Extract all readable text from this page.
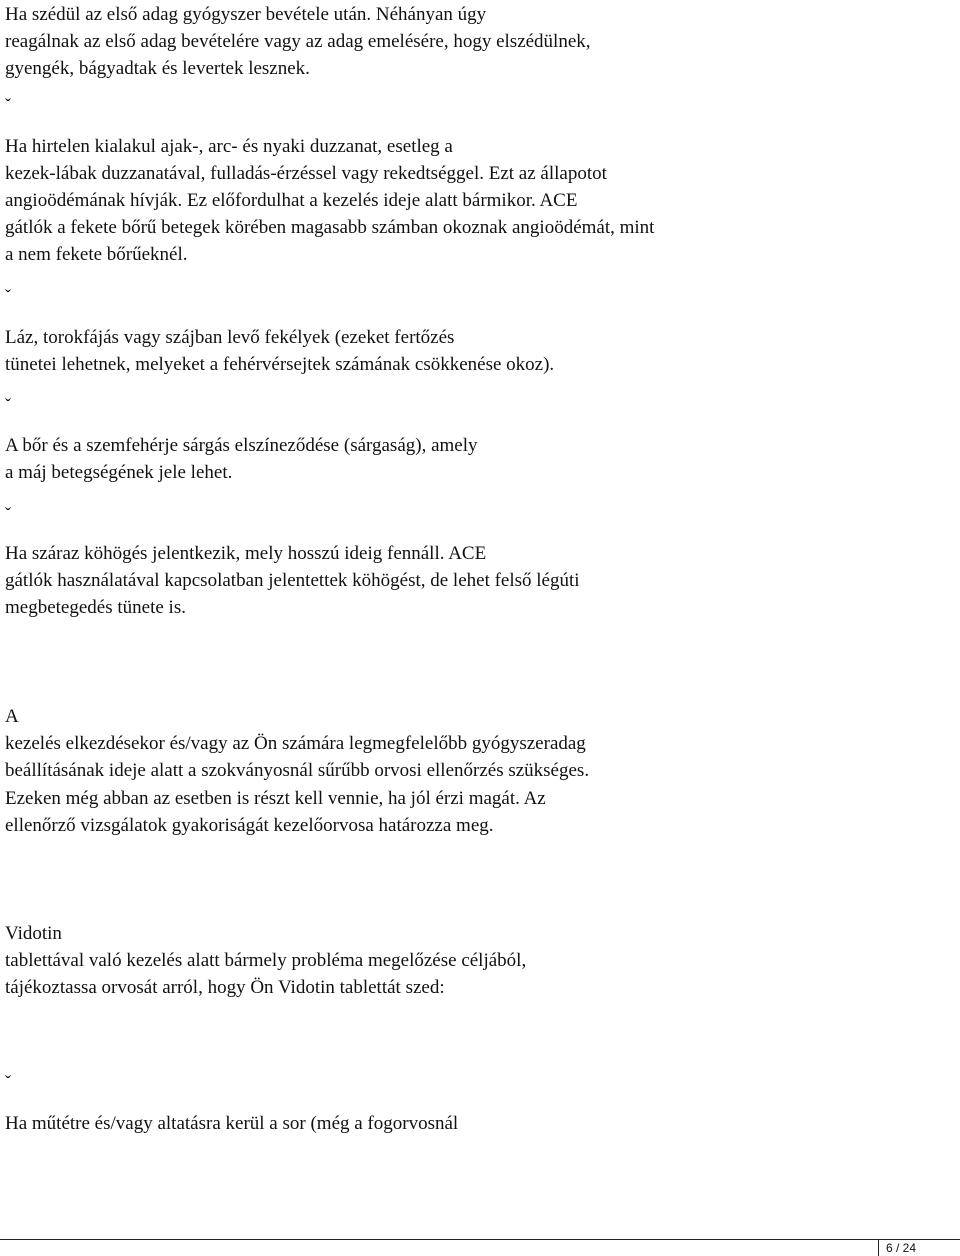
Ha szédül az első adag gyógyszer bevétele után. Néhányan úgy
reagálnak az első adag bevételére vagy az adag emelésére, hogy elszédülnek,
gyengék, bágyadtak és levertek lesznek.
ˇ
Ha hirtelen kialakul ajak-, arc- és nyaki duzzanat, esetleg a
kezek-lábak duzzanatával, fulladás-érzéssel vagy rekedtséggel. Ezt az állapotot
angioödémának hívják. Ez előfordulhat a kezelés ideje alatt bármikor. ACE
gátlók a fekete bőrű betegek körében magasabb számban okoznak angioödémát, mint
a nem fekete bőrűeknél.
ˇ
Láz, torokfájás vagy szájban levő fekélyek (ezeket fertőzés
tünetei lehetnek, melyeket a fehérvérsejtek számának csökkenése okoz).
ˇ
A bőr és a szemfehérje sárgás elszíneződése (sárgaság), amely
a máj betegségének jele lehet.
ˇ
Ha száraz köhögés jelentkezik, mely hosszú ideig fennáll. ACE
gátlók használatával kapcsolatban jelentettek köhögést, de lehet felső légúti
megbetegedés tünete is.
A
kezelés elkezdésekor és/vagy az Ön számára legmegfelelőbb gyógyszeradag
beállításának ideje alatt a szokványosnál sűrűbb orvosi ellenőrzés szükséges.
Ezeken még abban az esetben is részt kell vennie, ha jól érzi magát. Az
ellenőrző vizsgálatok gyakoriságát kezelőorvosa határozza meg.
Vidotin
tablettával való kezelés alatt bármely probléma megelőzése céljából,
tájékoztassa orvosát arról, hogy Ön Vidotin tablettát szed:
ˇ
Ha műtétre és/vagy altatásra kerül a sor (még a fogorvosnál
6 / 24
